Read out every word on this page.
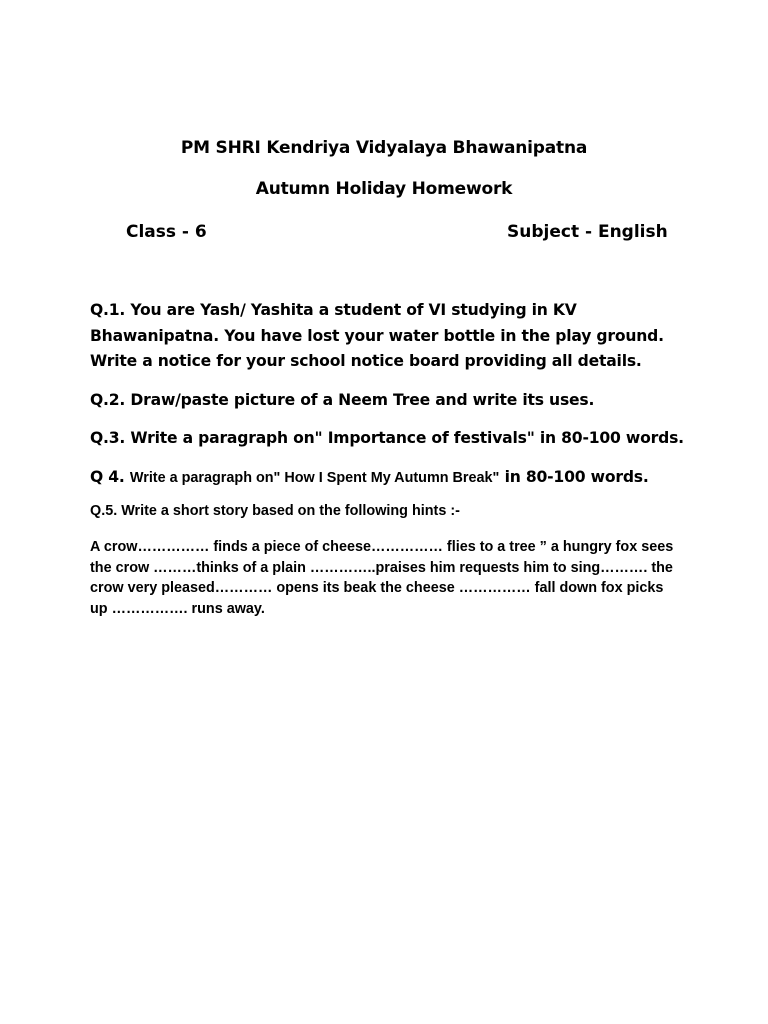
PM SHRI Kendriya Vidyalaya Bhawanipatna
Autumn Holiday Homework
Class - 6	Subject - English
Q.1. You are Yash/ Yashita a student of VI studying in KV Bhawanipatna. You have lost your water bottle in the play ground. Write a notice for your school notice board providing all details.
Q.2. Draw/paste picture of a Neem Tree and write its uses.
Q.3. Write a paragraph on" Importance of festivals" in 80-100 words.
Q 4. Write a paragraph on" How I Spent My Autumn Break" in 80-100 words.
Q.5. Write a short story based on the following hints :-
A crow…………… finds a piece of cheese…………… flies to a tree ” a hungry fox sees the crow ………thinks of a plain …………..praises him requests him to sing………. the crow very pleased………… opens its beak the cheese …………… fall down fox picks up ……………. runs away.
